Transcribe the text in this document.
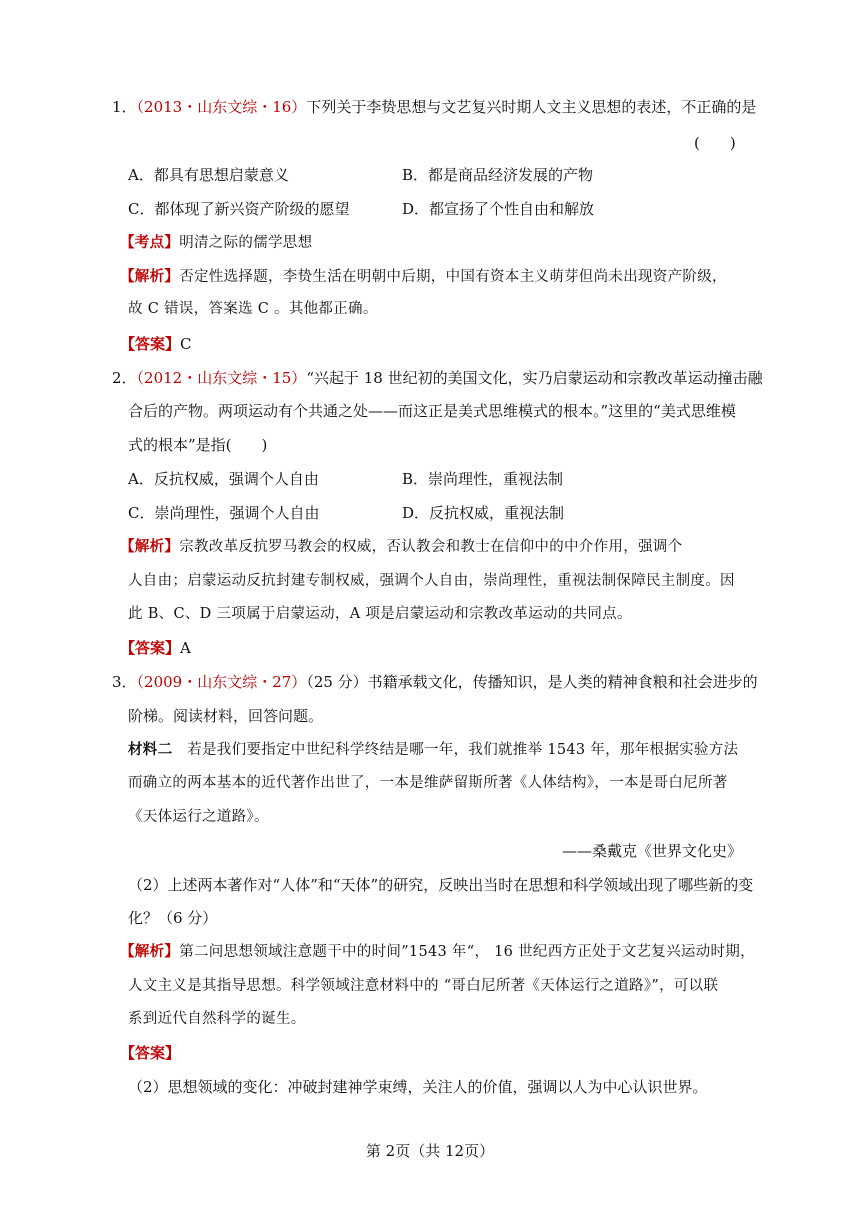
1．（2013・山东文综・16）下列关于李贽思想与文艺复兴时期人文主义思想的表述，不正确的是
(　　)
A．都具有思想启蒙意义	B．都是商品经济发展的产物
C．都体现了新兴资产阶级的愿望	D．都宣扬了个性自由和解放
【考点】明清之际的儒学思想
【解析】否定性选择题，李贽生活在明朝中后期，中国有资本主义萌芽但尚未出现资产阶级，
故 C 错误，答案选 C 。其他都正确。
【答案】C
2．（2012・山东文综・15）“兴起于 18 世纪初的美国文化，实乃启蒙运动和宗教改革运动撞击融
合后的产物。两项运动有个共通之处——而这正是美式思维模式的根本。”这里的“美式思维模
式的根本”是指(　　)
A．反抗权威，强调个人自由	B．崇尚理性，重视法制
C．崇尚理性，强调个人自由	D．反抗权威，重视法制
【解析】宗教改革反抗罗马教会的权威，否认教会和教士在信仰中的中介作用，强调个
人自由；启蒙运动反抗封建专制权威，强调个人自由，崇尚理性，重视法制保障民主制度。因
此 B、C、D 三项属于启蒙运动，A 项是启蒙运动和宗教改革运动的共同点。
【答案】A
3．（2009・山东文综・27）（25 分）书籍承载文化，传播知识，是人类的精神食粮和社会进步的
阶梯。阅读材料，回答问题。
材料二　若是我们要指定中世纪科学终结是哪一年，我们就推举 1543 年，那年根据实验方法
而确立的两本基本的近代著作出世了，一本是维萨留斯所著《人体结构》，一本是哥白尼所著
《天体运行之道路》。
——桑戴克《世界文化史》
（2）上述两本著作对“人体”和“天体”的研究，反映出当时在思想和科学领域出现了哪些新的变
化？（6 分）
【解析】第二问思想领域注意题干中的时间”1543 年“， 16 世纪西方正处于文艺复兴运动时期，
人文主义是其指导思想。科学领域注意材料中的 “哥白尼所著《天体运行之道路》”，可以联
系到近代自然科学的诞生。
【答案】
（2）思想领域的变化：冲破封建神学束缚，关注人的价值，强调以人为中心认识世界。
第 2页（共 12页）
